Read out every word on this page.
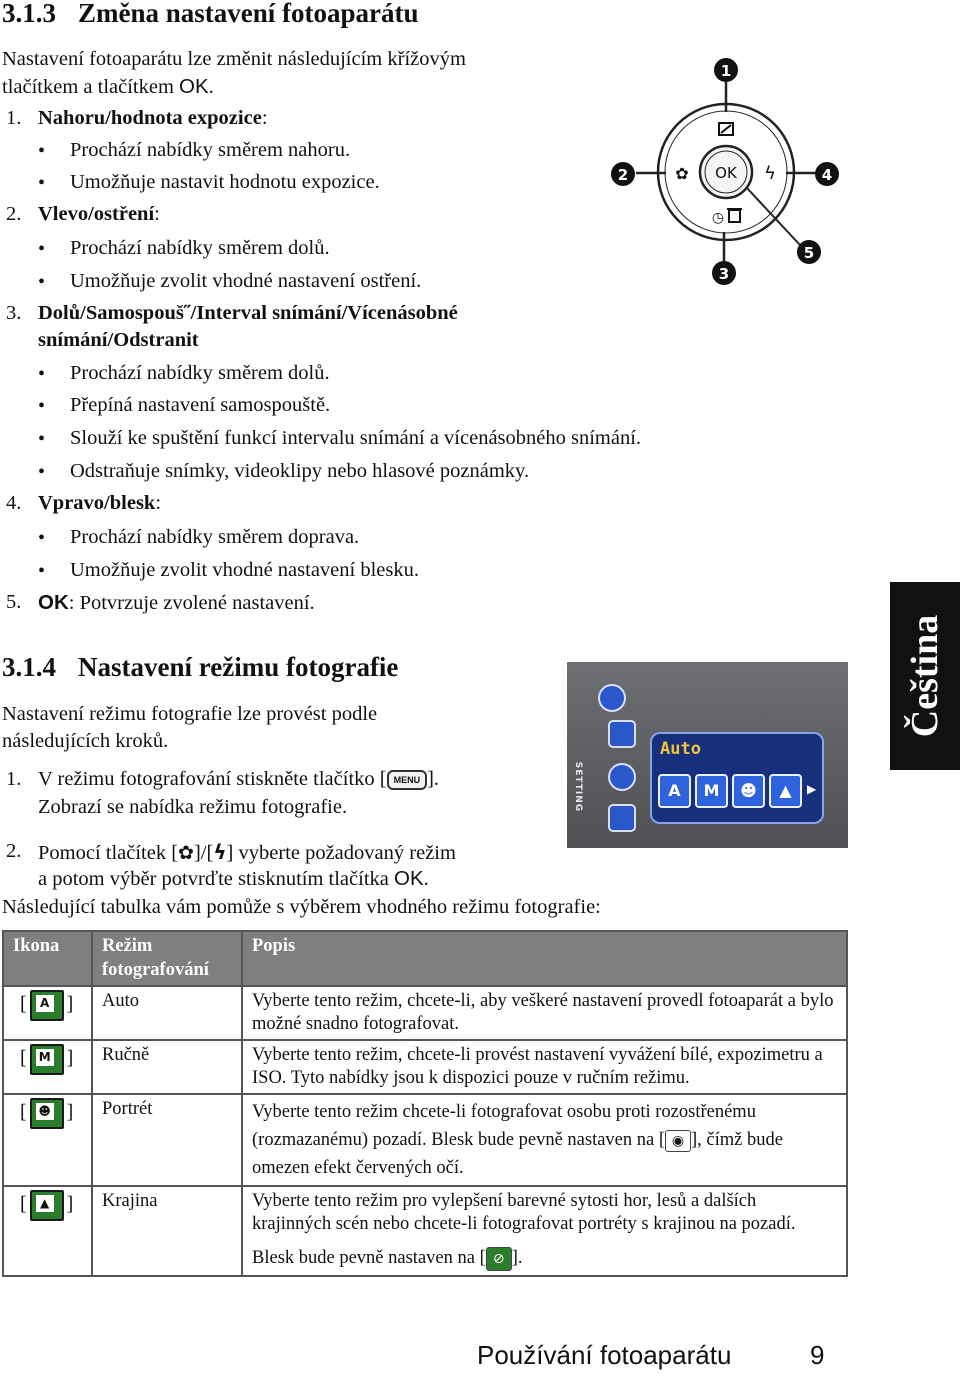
3.1.3 Změna nastavení fotoaparátu
Nastavení fotoaparátu lze změnit následujícím křížovým
tlačítkem a tlačítkem OK.
1. Nahoru/hodnota expozice:
• Prochází nabídky směrem nahoru.
• Umožňuje nastavit hodnotu expozice.
2. Vlevo/ostření:
• Prochází nabídky směrem dolů.
• Umožňuje zvolit vhodné nastavení ostření.
3. Dolů/Samospouš˝/Interval snímání/Vícenásobné
snímání/Odstranit
• Prochází nabídky směrem dolů.
• Přepíná nastavení samospouště.
• Slouží ke spuštění funkcí intervalu snímání a vícenásobného snímání.
• Odstraňuje snímky, videoklipy nebo hlasové poznámky.
4. Vpravo/blesk:
• Prochází nabídky směrem doprava.
• Umožňuje zvolit vhodné nastavení blesku.
5. OK: Potvrzuje zvolené nastavení.
OK
✿	ϟ
◷
1
2
3
4
5
3.1.4 Nastavení režimu fotografie
Nastavení režimu fotografie lze provést podle
následujících kroků.
1. V režimu fotografování stiskněte tlačítko [ MENU ].
Zobrazí se nabídka režimu fotografie.
2. Pomocí tlačítek [✿]/[ϟ] vyberte požadovaný režim
a potom výběr potvrďte stisknutím tlačítka OK.
Následující tabulka vám pomůže s výběrem vhodného režimu fotografie:
SETTING
Auto
A	M	☻	▲	▶
Čeština
Ikona	Režim fotografování	Popis
[ A ]	Auto	Vyberte tento režim, chcete-li, aby veškeré nastavení provedl fotoaparát a bylo možné snadno fotografovat.
[ M ]	Ručně	Vyberte tento režim, chcete-li provést nastavení vyvážení bílé, expozimetru a ISO. Tyto nabídky jsou k dispozici pouze v ručním režimu.
[ ☻ ]	Portrét	Vyberte tento režim chcete-li fotografovat osobu proti rozostřenému (rozmazanému) pozadí. Blesk bude pevně nastaven na [ ◉ ], čímž bude omezen efekt červených očí.
[ ▲ ]	Krajina	Vyberte tento režim pro vylepšení barevné sytosti hor, lesů a dalších krajinných scén nebo chcete-li fotografovat portréty s krajinou na pozadí.
Blesk bude pevně nastaven na [ ⊘ ].
Používání fotoaparátu	9
